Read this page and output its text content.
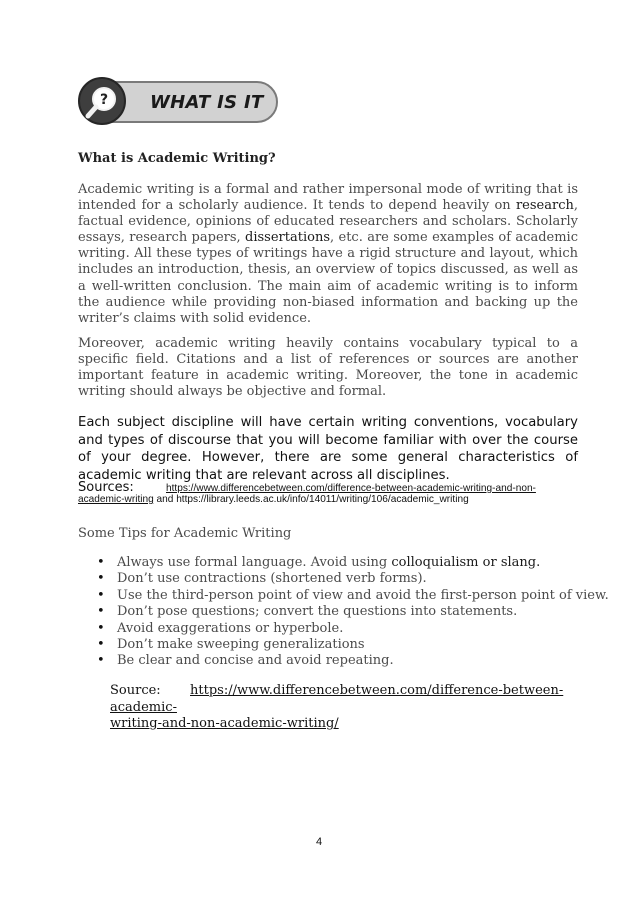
? WHAT IS IT
What is Academic Writing?

Academic writing is a formal and rather impersonal mode of writing that is intended for a scholarly audience. It tends to depend heavily on research, factual evidence, opinions of educated researchers and scholars. Scholarly essays, research papers, dissertations, etc. are some examples of academic writing. All these types of writings have a rigid structure and layout, which includes an introduction, thesis, an overview of topics discussed, as well as a well-written conclusion. The main aim of academic writing is to inform the audience while providing non-biased information and backing up the writer’s claims with solid evidence.

Moreover, academic writing heavily contains vocabulary typical to a specific field. Citations and a list of references or sources are another important feature in academic writing. Moreover, the tone in academic writing should always be objective and formal.

Each subject discipline will have certain writing conventions, vocabulary and types of discourse that you will become familiar with over the course of your degree. However, there are some general characteristics of academic writing that are relevant across all disciplines.
Sources:	https://www.differencebetween.com/difference-between-academic-writing-and-non-
academic-writing and https://library.leeds.ac.uk/info/14011/writing/106/academic_writing
Some Tips for Academic Writing
• Always use formal language. Avoid using colloquialism or slang.
• Don’t use contractions (shortened verb forms).
• Use the third-person point of view and avoid the first-person point of view.
• Don’t pose questions; convert the questions into statements.
• Avoid exaggerations or hyperbole.
• Don’t make sweeping generalizations
• Be clear and concise and avoid repeating.
Source: https://www.differencebetween.com/difference-between-academic-
writing-and-non-academic-writing/
4
